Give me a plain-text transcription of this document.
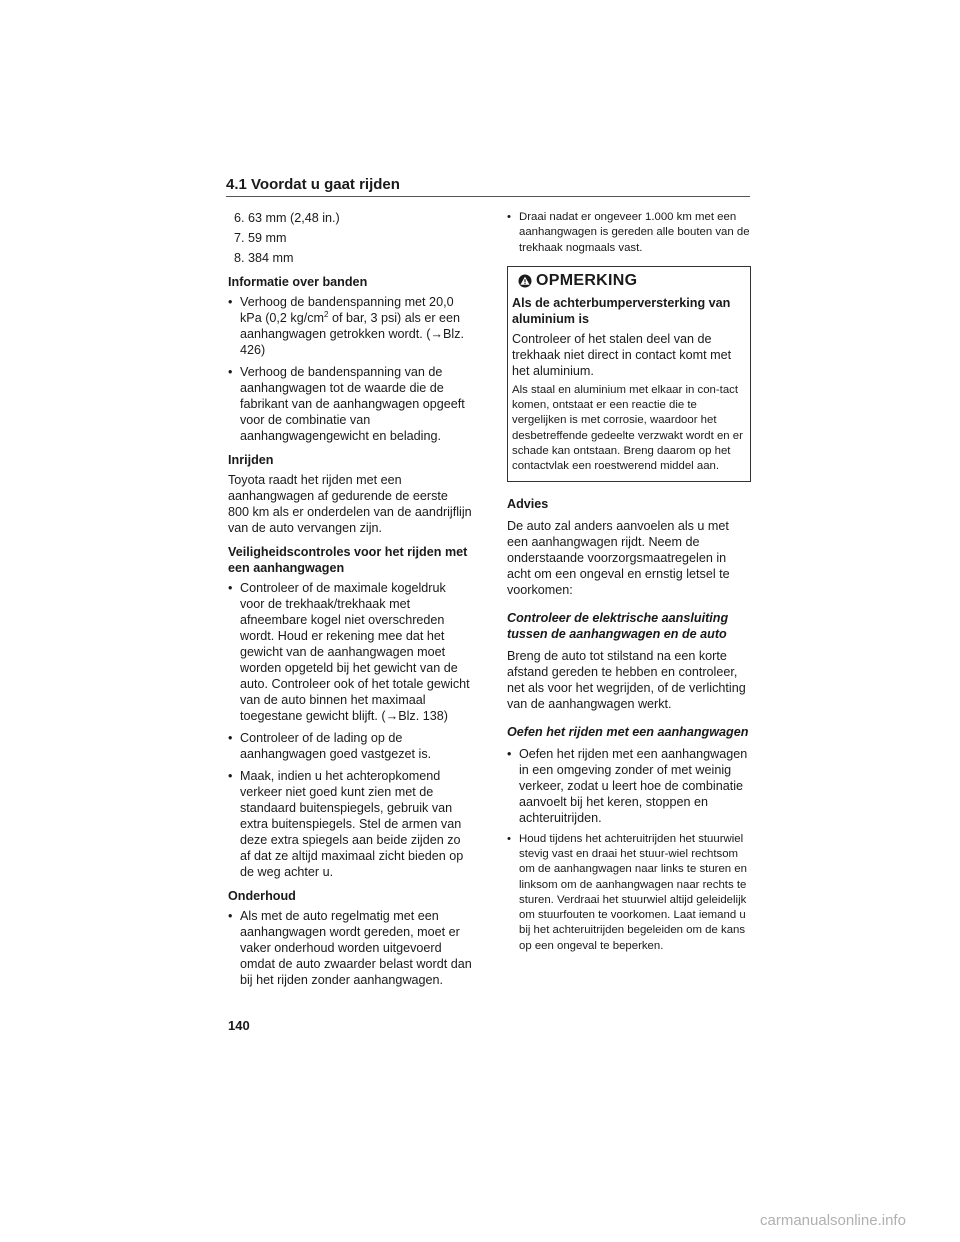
4.1 Voordat u gaat rijden
6. 63 mm (2,48 in.)
7. 59 mm
8. 384 mm
Informatie over banden
• Verhoog de bandenspanning met 20,0 kPa (0,2 $kg/cm^2$ of bar, 3 psi) als er een aanhangwagen getrokken wordt. (→Blz. 426)
• Verhoog de bandenspanning van de aanhangwagen tot de waarde die de fabrikant van de aanhangwagen opgeeft voor de combinatie van aanhangwagengewicht en belading.
Inrijden

Toyota raadt het rijden met een aanhangwagen af gedurende de eerste 800 km als er onderdelen van de aandrijflijn van de auto vervangen zijn.

Veiligheidscontroles voor het rijden met een aanhangwagen
• Controleer of de maximale kogeldruk voor de trekhaak/trekhaak met afneembare kogel niet overschreden wordt. Houd er rekening mee dat het gewicht van de aanhangwagen moet worden opgeteld bij het gewicht van de auto. Controleer ook of het totale gewicht van de auto binnen het maximaal toegestane gewicht blijft. (→Blz. 138)
• Controleer of de lading op de aanhangwagen goed vastgezet is.
• Maak, indien u het achteropkomend verkeer niet goed kunt zien met de standaard buitenspiegels, gebruik van extra buitenspiegels. Stel de armen van deze extra spiegels aan beide zijden zo af dat ze altijd maximaal zicht bieden op de weg achter u.
Onderhoud
• Als met de auto regelmatig met een aanhangwagen wordt gereden, moet er vaker onderhoud worden uitgevoerd omdat de auto zwaarder belast wordt dan bij het rijden zonder aanhangwagen.
• Draai nadat er ongeveer 1.000 km met een aanhangwagen is gereden alle bouten van de trekhaak nogmaals vast.
OPMERKING
Als de achterbumperversterking van aluminium is

Controleer of het stalen deel van de trekhaak niet direct in contact komt met het aluminium.

Als staal en aluminium met elkaar in con-tact komen, ontstaat er een reactie die te vergelijken is met corrosie, waardoor het desbetreffende gedeelte verzwakt wordt en er schade kan ontstaan. Breng daarom op het contactvlak een roestwerend middel aan.
Advies

De auto zal anders aanvoelen als u met een aanhangwagen rijdt. Neem de onderstaande voorzorgsmaatregelen in acht om een ongeval en ernstig letsel te voorkomen:

Controleer de elektrische aansluiting tussen de aanhangwagen en de auto

Breng de auto tot stilstand na een korte afstand gereden te hebben en controleer, net als voor het wegrijden, of de verlichting van de aanhangwagen werkt.

Oefen het rijden met een aanhangwagen
• Oefen het rijden met een aanhangwagen in een omgeving zonder of met weinig verkeer, zodat u leert hoe de combinatie aanvoelt bij het keren, stoppen en achteruitrijden.
• Houd tijdens het achteruitrijden het stuurwiel stevig vast en draai het stuur-wiel rechtsom om de aanhangwagen naar links te sturen en linksom om de aanhangwagen naar rechts te sturen. Verdraai het stuurwiel altijd geleidelijk om stuurfouten te voorkomen. Laat iemand u bij het achteruitrijden begeleiden om de kans op een ongeval te beperken.
140
carmanualsonline.info
